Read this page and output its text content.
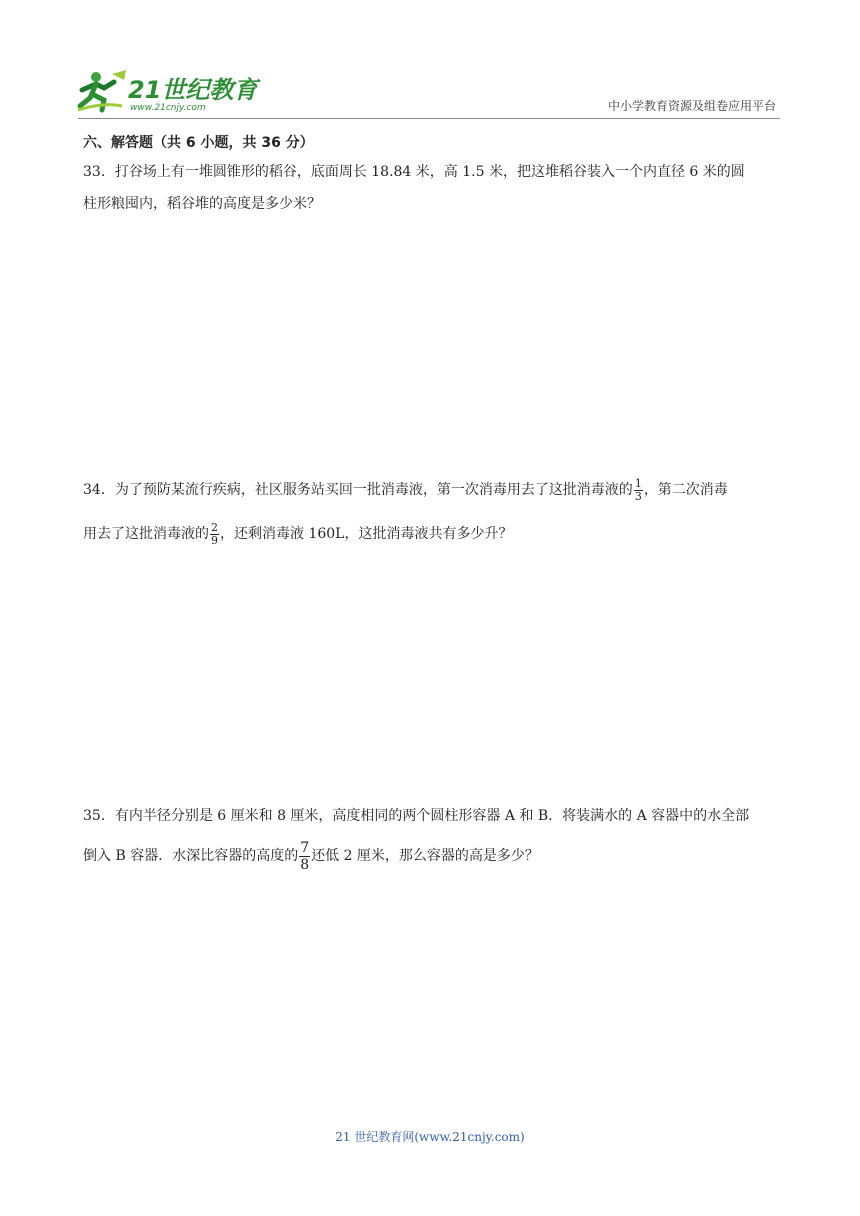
21世纪教育
www.21cnjy.com	中小学教育资源及组卷应用平台
六、解答题（共 6 小题，共 36 分）
33．打谷场上有一堆圆锥形的稻谷，底面周长 18.84 米，高 1.5 米，把这堆稻谷装入一个内直径 6 米的圆
柱形粮囤内，稻谷堆的高度是多少米？
34．为了预防某流行疾病，社区服务站买回一批消毒液，第一次消毒用去了这批消毒液的 $\frac{1}{3}$ ，第二次消毒
用去了这批消毒液的 $\frac{2}{9}$ ，还剩消毒液 160L，这批消毒液共有多少升？
35．有内半径分别是 6 厘米和 8 厘米，高度相同的两个圆柱形容器 A 和 B．将装满水的 A 容器中的水全部
倒入 B 容器．水深比容器的高度的 $\frac{7}{8}$ 还低 2 厘米，那么容器的高是多少？
21 世纪教育网(www.21cnjy.com)
